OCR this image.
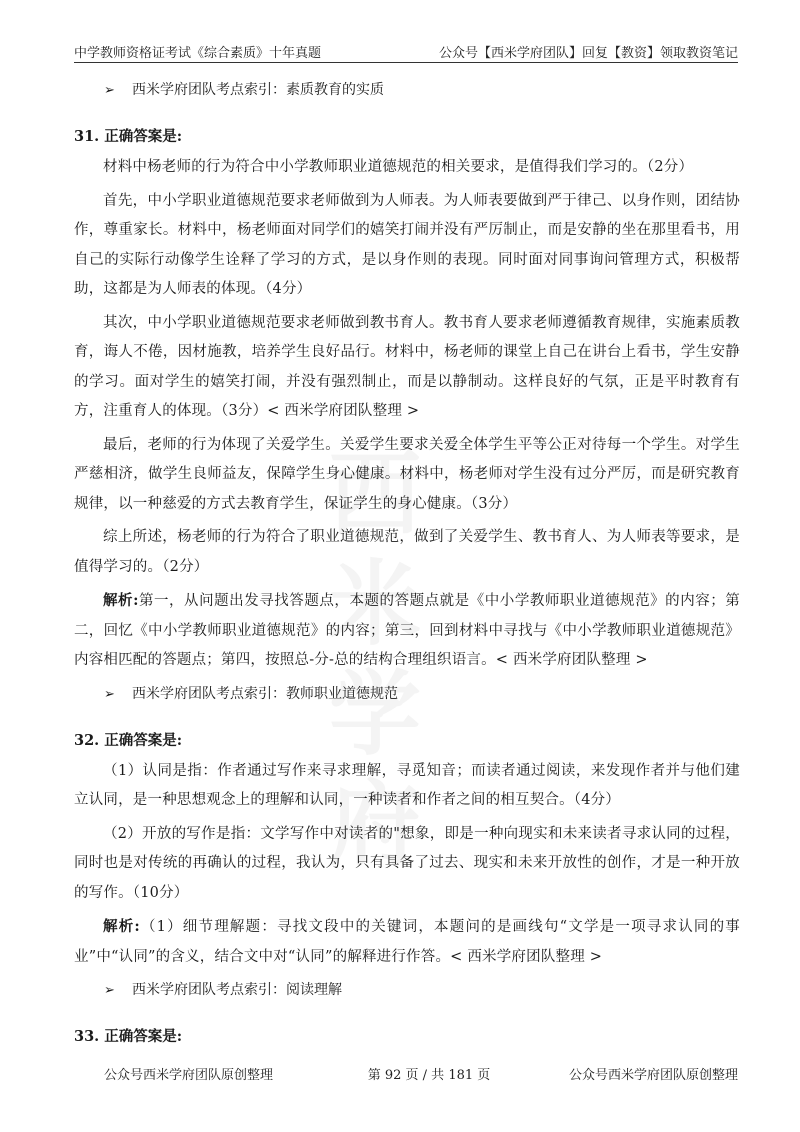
中学教师资格证考试《综合素质》十年真题	公众号【西米学府团队】回复【教资】领取教资笔记
➢ 西米学府团队考点索引：素质教育的实质
31. 正确答案是:

材料中杨老师的行为符合中小学教师职业道德规范的相关要求，是值得我们学习的。（2分）

首先，中小学职业道德规范要求老师做到为人师表。为人师表要做到严于律己、以身作则，团结协作，尊重家长。材料中，杨老师面对同学们的嬉笑打闹并没有严厉制止，而是安静的坐在那里看书，用自己的实际行动像学生诠释了学习的方式，是以身作则的表现。同时面对同事询问管理方式，积极帮助，这都是为人师表的体现。（4分）

其次，中小学职业道德规范要求老师做到教书育人。教书育人要求老师遵循教育规律，实施素质教育，诲人不倦，因材施教，培养学生良好品行。材料中，杨老师的课堂上自己在讲台上看书，学生安静的学习。面对学生的嬉笑打闹，并没有强烈制止，而是以静制动。这样良好的气氛，正是平时教育有方，注重育人的体现。（3分）< 西米学府团队整理 >

最后，老师的行为体现了关爱学生。关爱学生要求关爱全体学生平等公正对待每一个学生。对学生严慈相济，做学生良师益友，保障学生身心健康。材料中，杨老师对学生没有过分严厉，而是研究教育规律，以一种慈爱的方式去教育学生，保证学生的身心健康。（3分）

综上所述，杨老师的行为符合了职业道德规范，做到了关爱学生、教书育人、为人师表等要求，是值得学习的。（2分）

解析:第一，从问题出发寻找答题点，本题的答题点就是《中小学教师职业道德规范》的内容；第二，回忆《中小学教师职业道德规范》的内容；第三，回到材料中寻找与《中小学教师职业道德规范》内容相匹配的答题点；第四，按照总-分-总的结构合理组织语言。< 西米学府团队整理 >

➢ 西米学府团队考点索引：教师职业道德规范
32. 正确答案是:

（1）认同是指：作者通过写作来寻求理解，寻觅知音；而读者通过阅读，来发现作者并与他们建立认同，是一种思想观念上的理解和认同，一种读者和作者之间的相互契合。（4分）

（2）开放的写作是指：文学写作中对读者的"想象，即是一种向现实和未来读者寻求认同的过程，同时也是对传统的再确认的过程，我认为，只有具备了过去、现实和未来开放性的创作，才是一种开放的写作。（10分）

解析:（1）细节理解题：寻找文段中的关键词，本题问的是画线句“文学是一项寻求认同的事业”中“认同”的含义，结合文中对“认同”的解释进行作答。< 西米学府团队整理 >

➢ 西米学府团队考点索引：阅读理解
33. 正确答案是:
公众号西米学府团队原创整理	第 92 页 / 共 181 页	公众号西米学府团队原创整理
